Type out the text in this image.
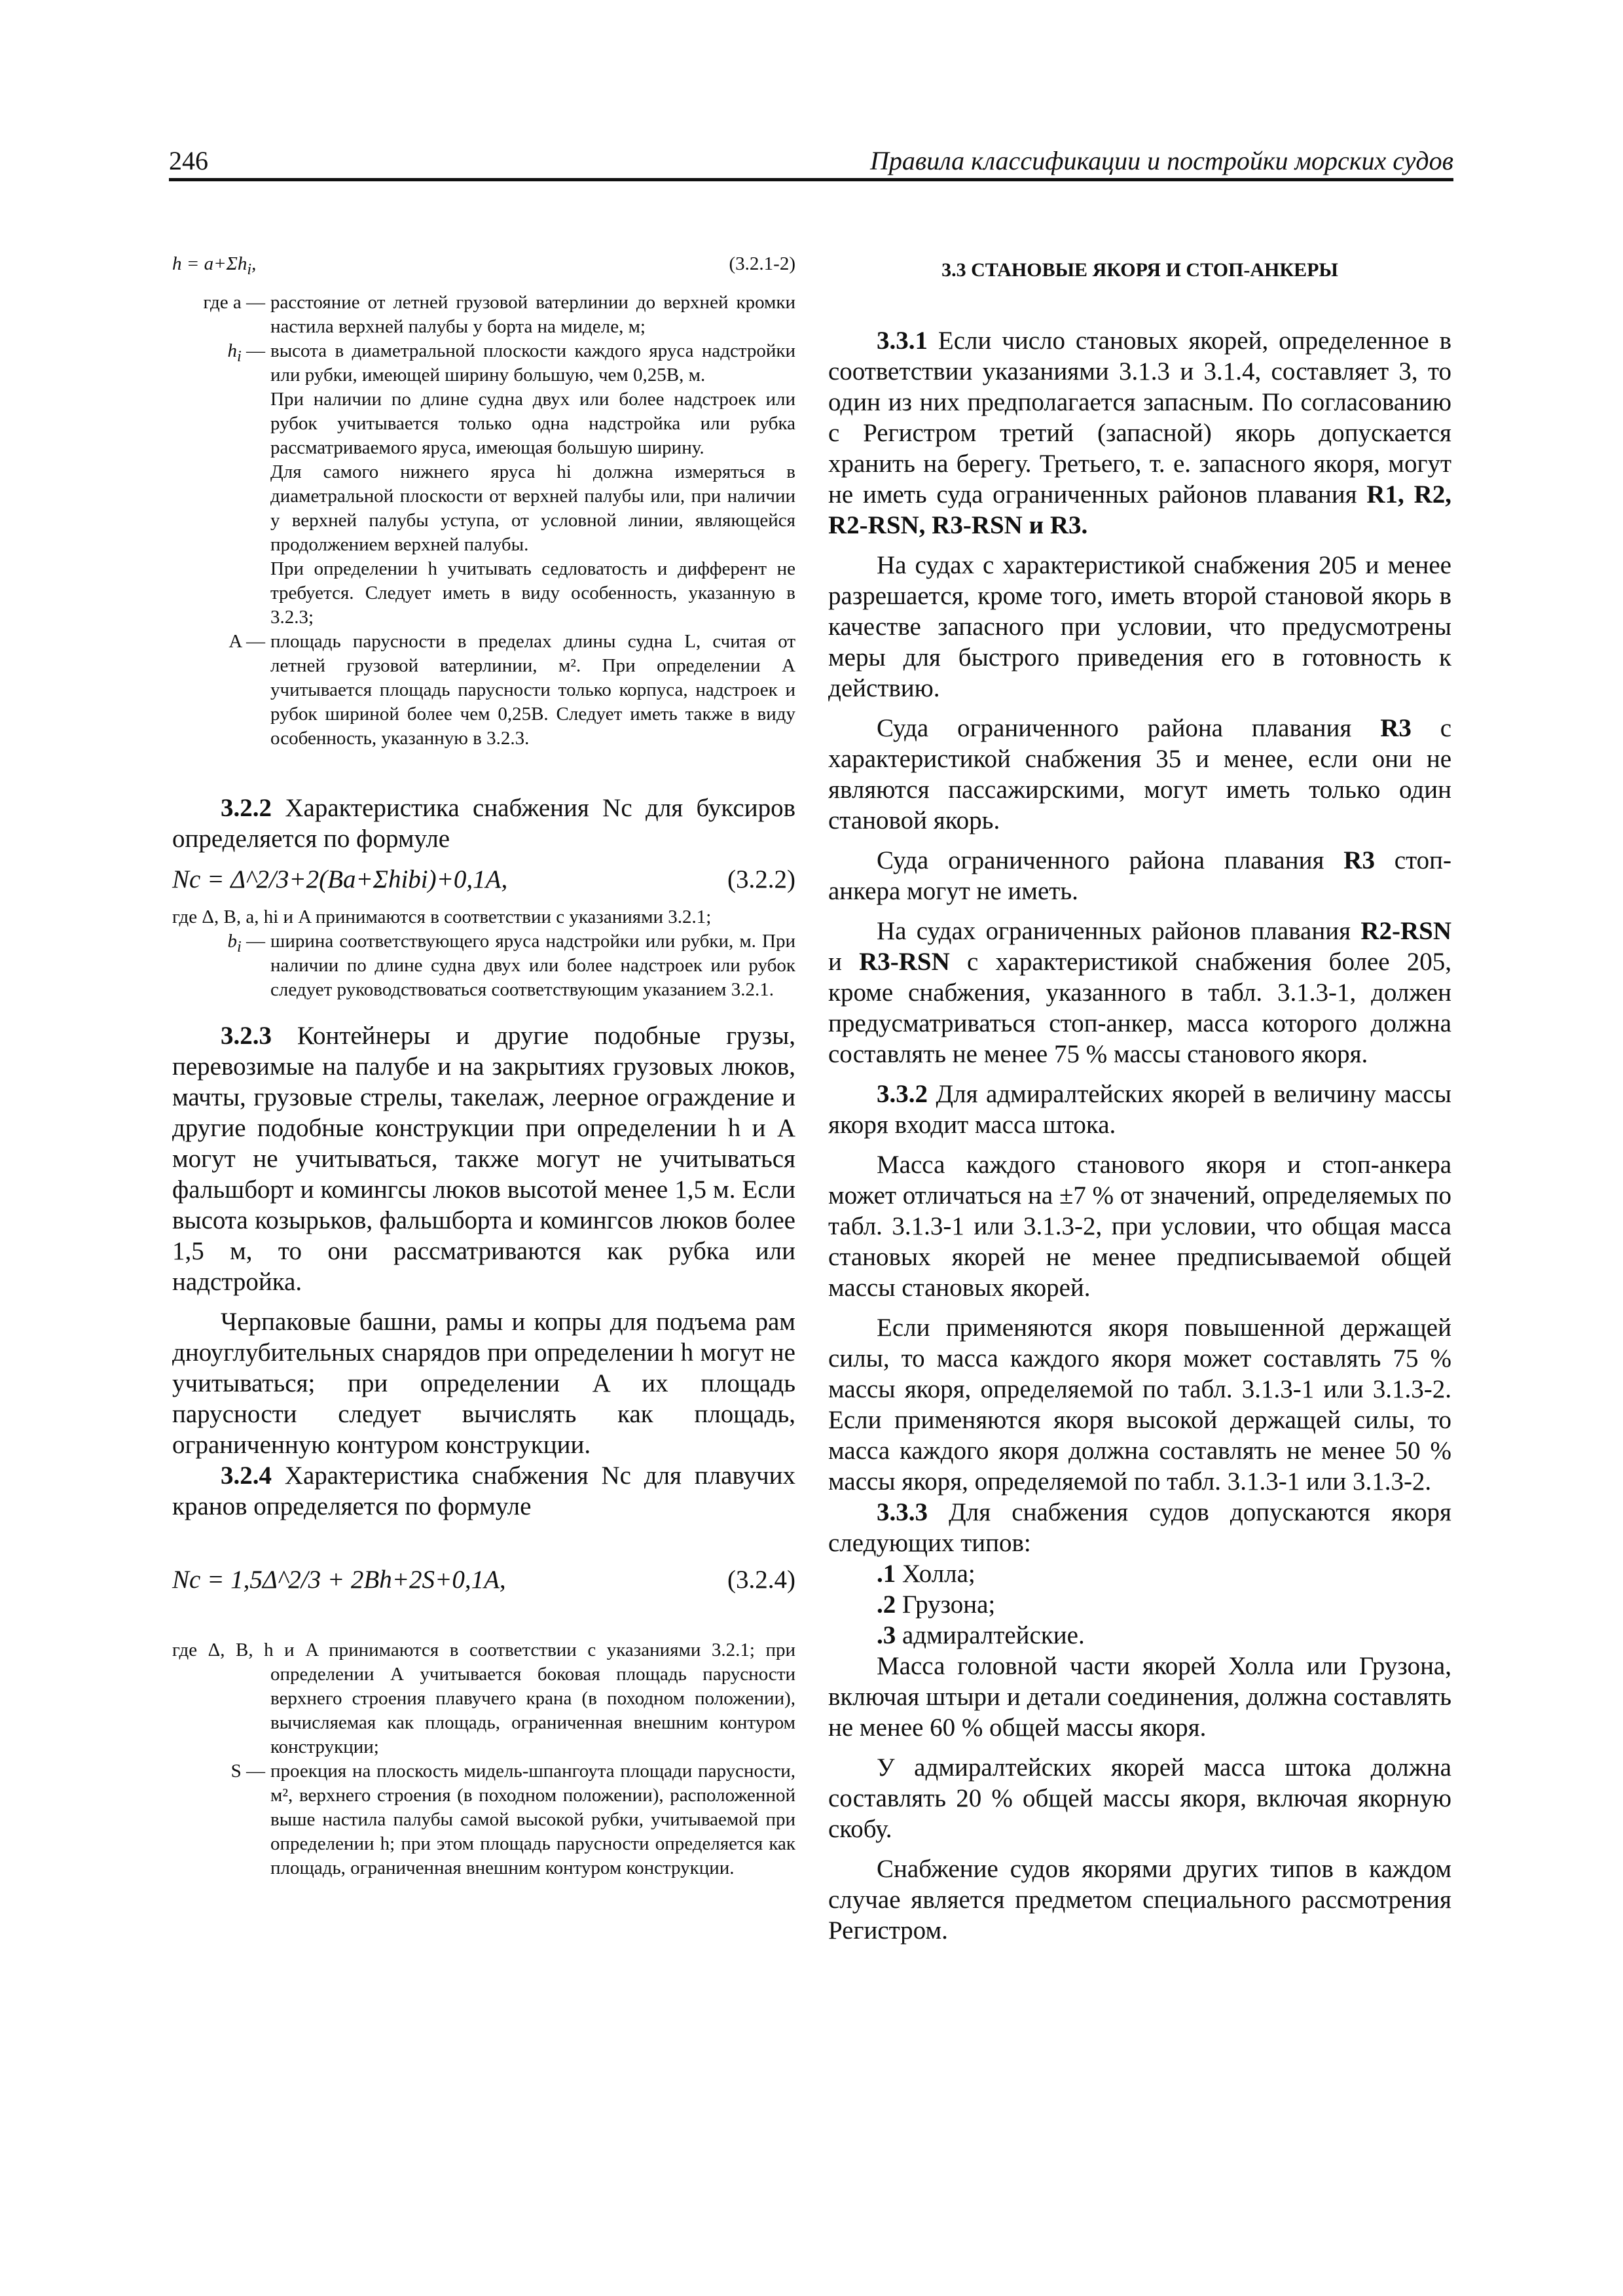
246	Правила классификации и постройки морских судов
$h = a+\Sigma h_i$,	(3.2.1-2)
где a — расстояние от летней грузовой ватерлинии до верхней кромки настила верхней палубы у борта на миделе, м;
$h_i$ — высота в диаметральной плоскости каждого яруса надстройки или рубки, имеющей ширину большую, чем 0,25B, м.
При наличии по длине судна двух или более надстроек или рубок учитывается только одна надстройка или рубка рассматриваемого яруса, имеющая большую ширину.
Для самого нижнего яруса hi должна измеряться в диаметральной плоскости от верхней палубы или, при наличии у верхней палубы уступа, от условной линии, являющейся продолжением верхней палубы.
При определении h учитывать седловатость и дифферент не требуется. Следует иметь в виду особенность, указанную в 3.2.3;
A — площадь парусности в пределах длины судна L, считая от летней грузовой ватерлинии, м². При определении A учитывается площадь парусности только корпуса, надстроек и рубок шириной более чем 0,25B. Следует иметь также в виду особенность, указанную в 3.2.3.
3.2.2 Характеристика снабжения Nc для буксиров определяется по формуле
Nc = Δ^2/3+2(Ba+Σhibi)+0,1A,	(3.2.2)
где Δ, B, a, hi и A принимаются в соответствии с указаниями 3.2.1;
$b_i$ — ширина соответствующего яруса надстройки или рубки, м. При наличии по длине судна двух или более надстроек или рубок следует руководствоваться соответствующим указанием 3.2.1.
3.2.3 Контейнеры и другие подобные грузы, перевозимые на палубе и на закрытиях грузовых люков, мачты, грузовые стрелы, такелаж, леерное ограждение и другие подобные конструкции при определении h и A могут не учитываться, также могут не учитываться фальшборт и комингсы люков высотой менее 1,5 м. Если высота козырьков, фальшборта и комингсов люков более 1,5 м, то они рассматриваются как рубка или надстройка.
Черпаковые башни, рамы и копры для подъема рам дноуглубительных снарядов при определении h могут не учитываться; при определении A их площадь парусности следует вычислять как площадь, ограниченную контуром конструкции.
3.2.4 Характеристика снабжения Nc для плавучих кранов определяется по формуле
Nc = 1,5Δ^2/3 + 2Bh+2S+0,1A,	(3.2.4)
где Δ, B, h и A принимаются в соответствии с указаниями 3.2.1; при определении А учитывается боковая площадь парусности верхнего строения плавучего крана (в походном положении), вычисляемая как площадь, ограниченная внешним контуром конструкции;
S — проекция на плоскость мидель-шпангоута площади парусности, м², верхнего строения (в походном положении), расположенной выше настила палубы самой высокой рубки, учитываемой при определении h; при этом площадь парусности определяется как площадь, ограниченная внешним контуром конструкции.
3.3 СТАНОВЫЕ ЯКОРЯ И СТОП-АНКЕРЫ
3.3.1 Если число становых якорей, определенное в соответствии указаниями 3.1.3 и 3.1.4, составляет 3, то один из них предполагается запасным. По согласованию с Регистром третий (запасной) якорь допускается хранить на берегу. Третьего, т. е. запасного якоря, могут не иметь суда ограниченных районов плавания R1, R2, R2-RSN, R3-RSN и R3.
На судах с характеристикой снабжения 205 и менее разрешается, кроме того, иметь второй становой якорь в качестве запасного при условии, что предусмотрены меры для быстрого приведения его в готовность к действию.
Суда ограниченного района плавания R3 с характеристикой снабжения 35 и менее, если они не являются пассажирскими, могут иметь только один становой якорь.
Суда ограниченного района плавания R3 стоп-анкера могут не иметь.
На судах ограниченных районов плавания R2-RSN и R3-RSN с характеристикой снабжения более 205, кроме снабжения, указанного в табл. 3.1.3-1, должен предусматриваться стоп-анкер, масса которого должна составлять не менее 75 % массы станового якоря.
3.3.2 Для адмиралтейских якорей в величину массы якоря входит масса штока.
Масса каждого станового якоря и стоп-анкера может отличаться на ±7 % от значений, определяемых по табл. 3.1.3-1 или 3.1.3-2, при условии, что общая масса становых якорей не менее предписываемой общей массы становых якорей.
Если применяются якоря повышенной держащей силы, то масса каждого якоря может составлять 75 % массы якоря, определяемой по табл. 3.1.3-1 или 3.1.3-2. Если применяются якоря высокой держащей силы, то масса каждого якоря должна составлять не менее 50 % массы якоря, определяемой по табл. 3.1.3-1 или 3.1.3-2.
3.3.3 Для снабжения судов допускаются якоря следующих типов:
.1 Холла;
.2 Грузона;
.3 адмиралтейские.
Масса головной части якорей Холла или Грузона, включая штыри и детали соединения, должна составлять не менее 60 % общей массы якоря.
У адмиралтейских якорей масса штока должна составлять 20 % общей массы якоря, включая якорную скобу.
Снабжение судов якорями других типов в каждом случае является предметом специального рассмотрения Регистром.
